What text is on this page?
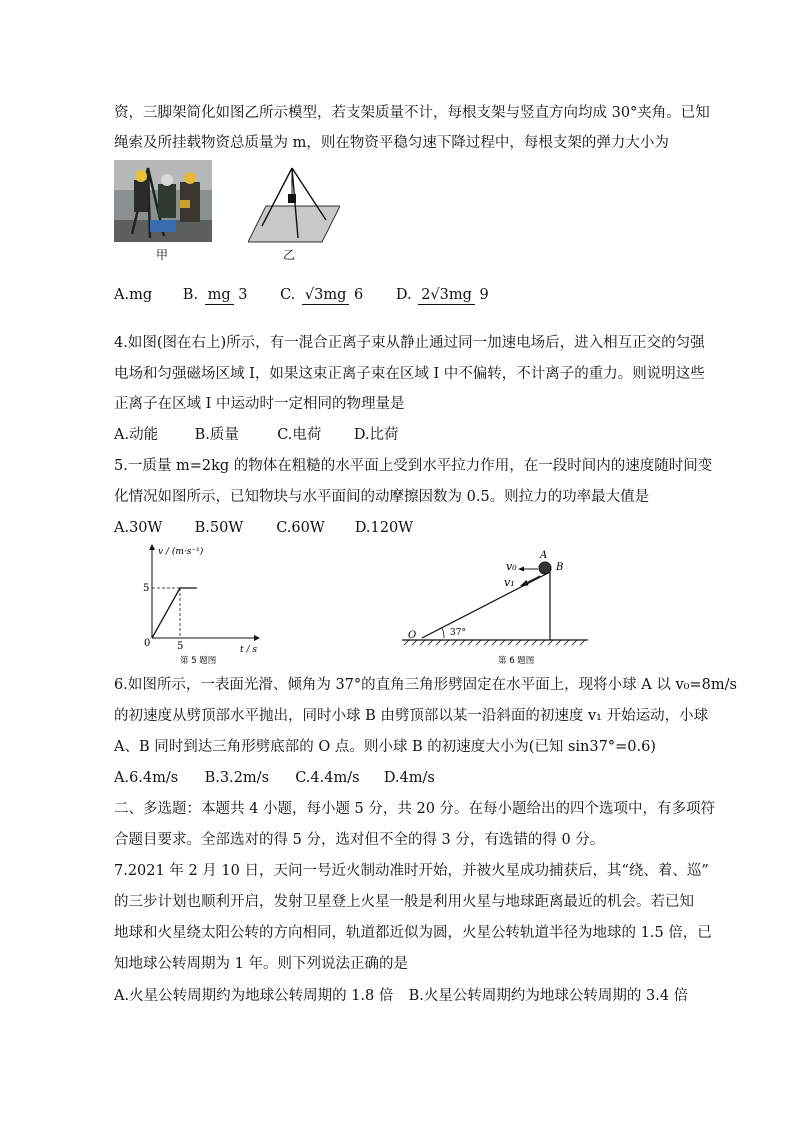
资，三脚架简化如图乙所示模型，若支架质量不计，每根支架与竖直方向均成 30°夹角。已知
绳索及所挂载物资总质量为 m，则在物资平稳匀速下降过程中，每根支架的弹力大小为
甲	乙
A.mg B. mg 3 C. √3mg 6 D. 2√3mg 9
4.如图(图在右上)所示，有一混合正离子束从静止通过同一加速电场后，进入相互正交的匀强
电场和匀强磁场区域 I，如果这束正离子束在区域 I 中不偏转，不计离子的重力。则说明这些
正离子在区域 I 中运动时一定相同的物理量是
A.动能	B.质量	C.电荷 D.比荷
5.一质量 m=2kg 的物体在粗糙的水平面上受到水平拉力作用，在一段时间内的速度随时间变
化情况如图所示，已知物块与水平面间的动摩擦因数为 0.5。则拉力的功率最大值是
A.30W B.50W C.60W D.120W
v / (m·s⁻¹)
t / s
5
5
0
第 5 题图
A
B
v₀
v₁
O	37°
第 6 题图
6.如图所示，一表面光滑、倾角为 37°的直角三角形劈固定在水平面上，现将小球 A 以 v₀=8m/s
的初速度从劈顶部水平抛出，同时小球 B 由劈顶部以某一沿斜面的初速度 v₁ 开始运动，小球
A、B 同时到达三角形劈底部的 O 点。则小球 B 的初速度大小为(已知 sin37°=0.6)
A.6.4m/s B.3.2m/s C.4.4m/s D.4m/s
二、多选题：本题共 4 小题，每小题 5 分，共 20 分。在每小题给出的四个选项中，有多项符
合题目要求。全部选对的得 5 分，选对但不全的得 3 分，有选错的得 0 分。
7.2021 年 2 月 10 日，天问一号近火制动准时开始，并被火星成功捕获后，其“绕、着、巡”
的三步计划也顺利开启，发射卫星登上火星一般是利用火星与地球距离最近的机会。若已知
地球和火星绕太阳公转的方向相同，轨道都近似为圆，火星公转轨道半径为地球的 1.5 倍，已
知地球公转周期为 1 年。则下列说法正确的是
A.火星公转周期约为地球公转周期的 1.8 倍 B.火星公转周期约为地球公转周期的 3.4 倍
